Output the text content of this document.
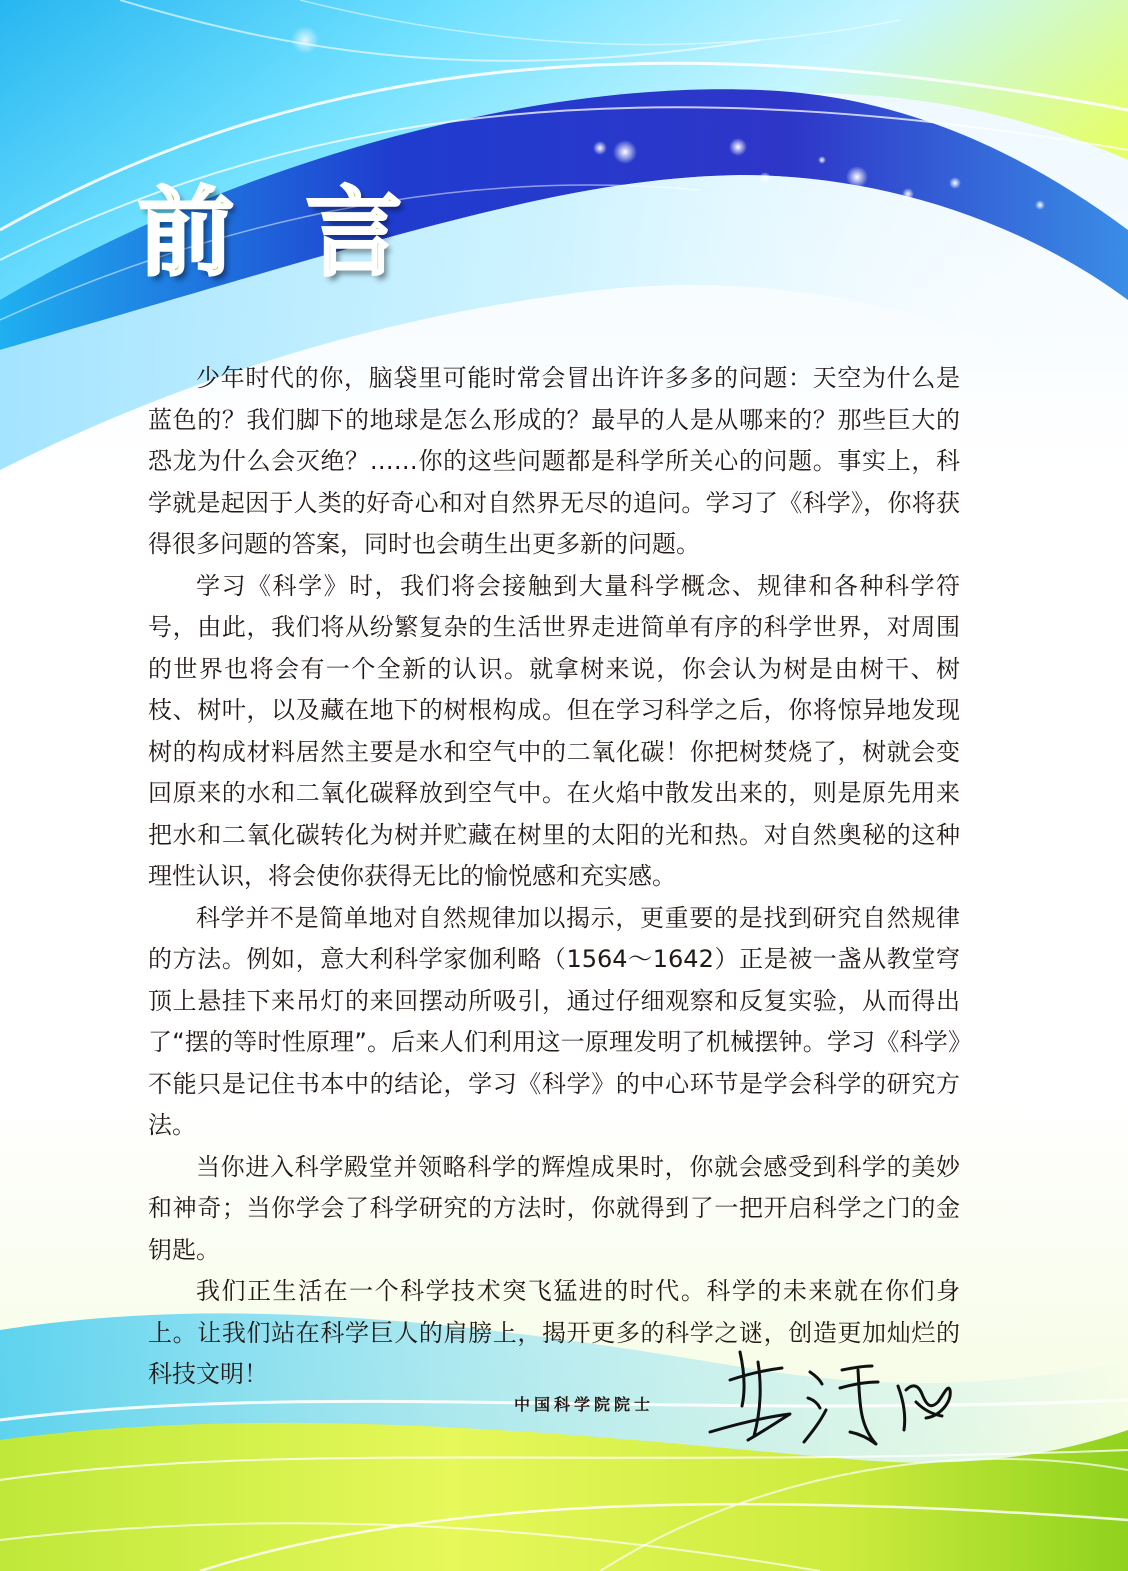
前言

少年时代的你，脑袋里可能时常会冒出许许多多的问题：天空为什么是蓝色的？我们脚下的地球是怎么形成的？最早的人是从哪来的？那些巨大的恐龙为什么会灭绝？……你的这些问题都是科学所关心的问题。事实上，科学就是起因于人类的好奇心和对自然界无尽的追问。学习了《科学》，你将获得很多问题的答案，同时也会萌生出更多新的问题。

学习《科学》时，我们将会接触到大量科学概念、规律和各种科学符号，由此，我们将从纷繁复杂的生活世界走进简单有序的科学世界，对周围的世界也将会有一个全新的认识。就拿树来说，你会认为树是由树干、树枝、树叶，以及藏在地下的树根构成。但在学习科学之后，你将惊异地发现树的构成材料居然主要是水和空气中的二氧化碳！你把树焚烧了，树就会变回原来的水和二氧化碳释放到空气中。在火焰中散发出来的，则是原先用来把水和二氧化碳转化为树并贮藏在树里的太阳的光和热。对自然奥秘的这种理性认识，将会使你获得无比的愉悦感和充实感。

科学并不是简单地对自然规律加以揭示，更重要的是找到研究自然规律的方法。例如，意大利科学家伽利略（1564～1642）正是被一盏从教堂穹顶上悬挂下来吊灯的来回摆动所吸引，通过仔细观察和反复实验，从而得出了“摆的等时性原理”。后来人们利用这一原理发明了机械摆钟。学习《科学》不能只是记住书本中的结论，学习《科学》的中心环节是学会科学的研究方法。

当你进入科学殿堂并领略科学的辉煌成果时，你就会感受到科学的美妙和神奇；当你学会了科学研究的方法时，你就得到了一把开启科学之门的金钥匙。

我们正生活在一个科学技术突飞猛进的时代。科学的未来就在你们身上。让我们站在科学巨人的肩膀上，揭开更多的科学之谜，创造更加灿烂的科技文明！

中国科学院院士
